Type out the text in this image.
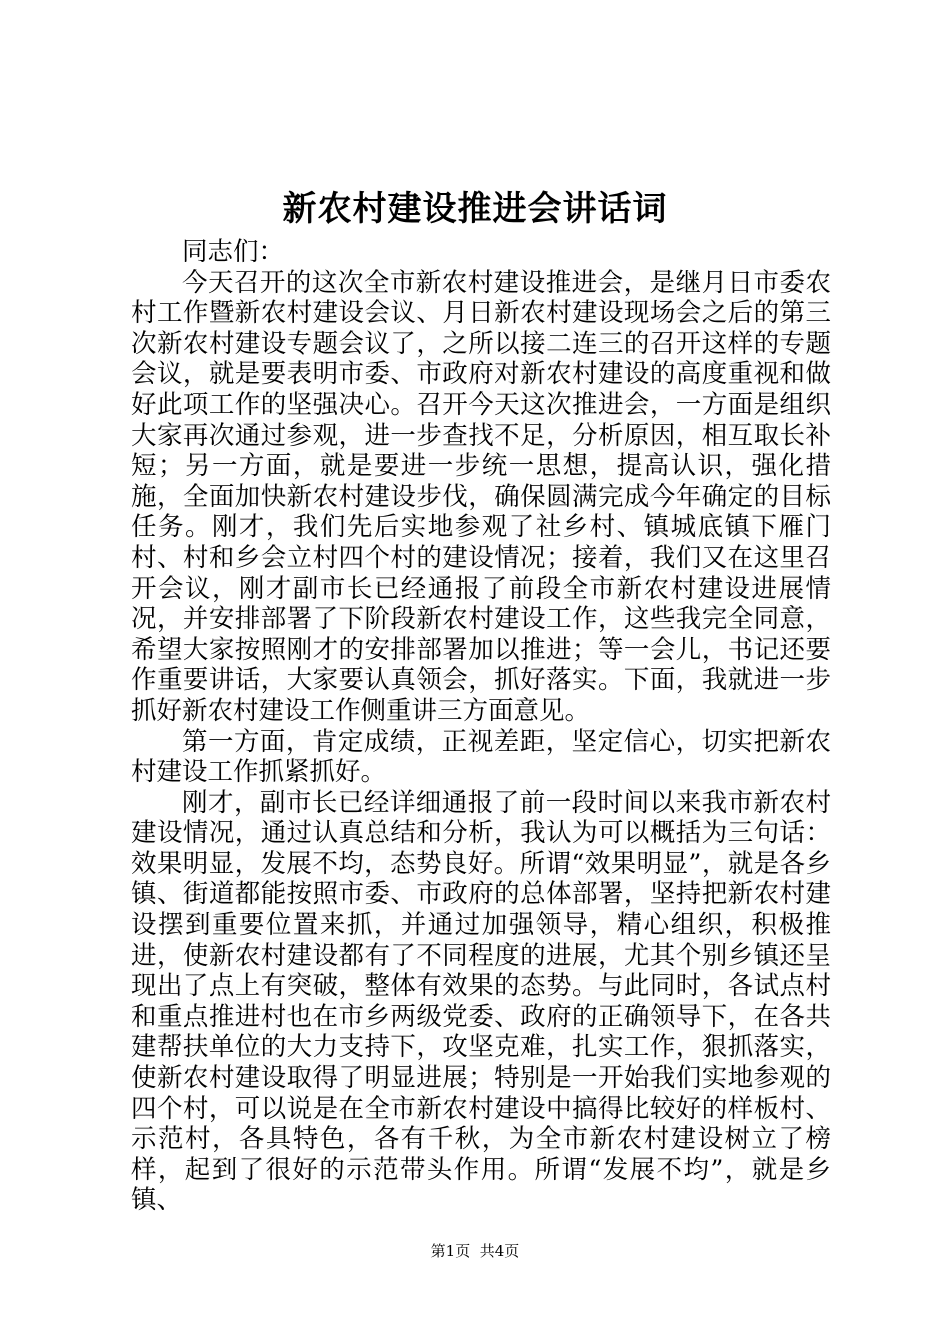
新农村建设推进会讲话词

同志们：

今天召开的这次全市新农村建设推进会，是继月日市委农村工作暨新农村建设会议、月日新农村建设现场会之后的第三次新农村建设专题会议了，之所以接二连三的召开这样的专题会议，就是要表明市委、市政府对新农村建设的高度重视和做好此项工作的坚强决心。召开今天这次推进会，一方面是组织大家再次通过参观，进一步查找不足，分析原因，相互取长补短；另一方面，就是要进一步统一思想，提高认识，强化措施，全面加快新农村建设步伐，确保圆满完成今年确定的目标任务。刚才，我们先后实地参观了社乡村、镇城底镇下雁门村、村和乡会立村四个村的建设情况；接着，我们又在这里召开会议，刚才副市长已经通报了前段全市新农村建设进展情况，并安排部署了下阶段新农村建设工作，这些我完全同意，希望大家按照刚才的安排部署加以推进；等一会儿，书记还要作重要讲话，大家要认真领会，抓好落实。下面，我就进一步抓好新农村建设工作侧重讲三方面意见。

第一方面，肯定成绩，正视差距，坚定信心，切实把新农村建设工作抓紧抓好。

刚才，副市长已经详细通报了前一段时间以来我市新农村建设情况，通过认真总结和分析，我认为可以概括为三句话：效果明显，发展不均，态势良好。所谓“效果明显”，就是各乡镇、街道都能按照市委、市政府的总体部署，坚持把新农村建设摆到重要位置来抓，并通过加强领导，精心组织，积极推进，使新农村建设都有了不同程度的进展，尤其个别乡镇还呈现出了点上有突破，整体有效果的态势。与此同时，各试点村和重点推进村也在市乡两级党委、政府的正确领导下，在各共建帮扶单位的大力支持下，攻坚克难，扎实工作，狠抓落实，使新农村建设取得了明显进展；特别是一开始我们实地参观的四个村，可以说是在全市新农村建设中搞得比较好的样板村、示范村，各具特色，各有千秋，为全市新农村建设树立了榜样，起到了很好的示范带头作用。所谓“发展不均”，就是乡镇、

第1页 共4页
